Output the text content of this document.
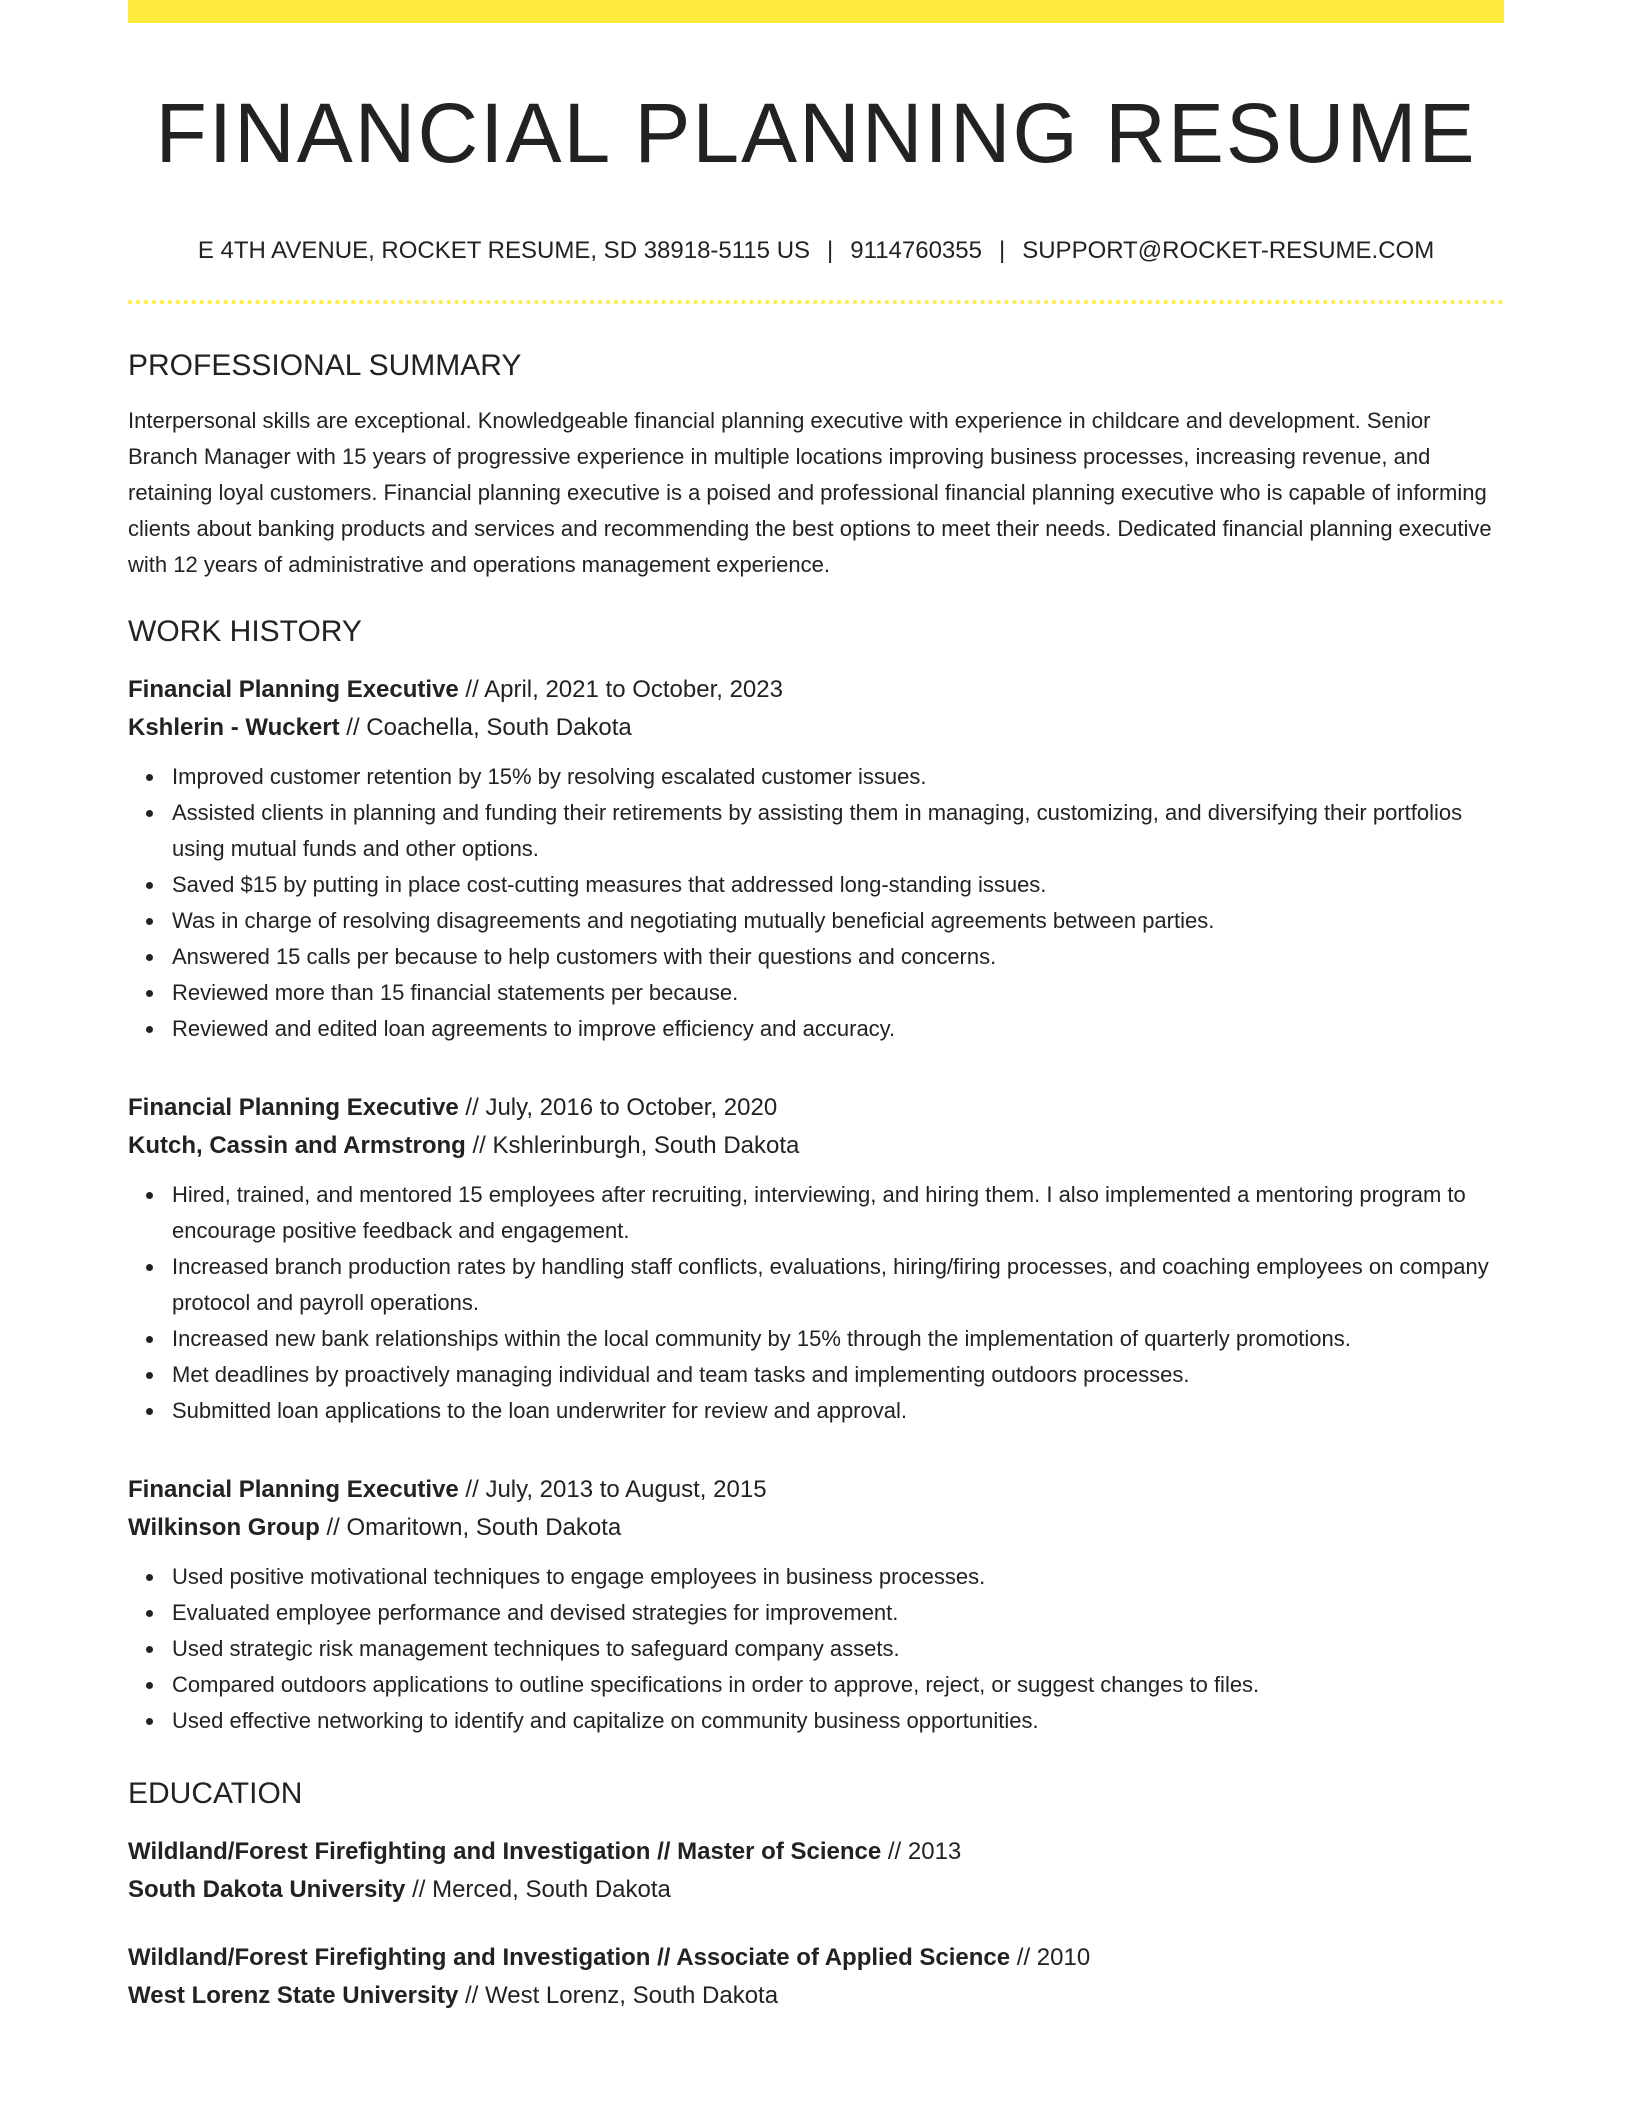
FINANCIAL PLANNING RESUME
E 4TH AVENUE, ROCKET RESUME, SD 38918-5115 US | 9114760355 | SUPPORT@ROCKET-RESUME.COM
PROFESSIONAL SUMMARY

Interpersonal skills are exceptional. Knowledgeable financial planning executive with experience in childcare and development. Senior Branch Manager with 15 years of progressive experience in multiple locations improving business processes, increasing revenue, and retaining loyal customers. Financial planning executive is a poised and professional financial planning executive who is capable of informing clients about banking products and services and recommending the best options to meet their needs. Dedicated financial planning executive with 12 years of administrative and operations management experience.

WORK HISTORY
Financial Planning Executive // April, 2021 to October, 2023
Kshlerin - Wuckert // Coachella, South Dakota
Improved customer retention by 15% by resolving escalated customer issues.
Assisted clients in planning and funding their retirements by assisting them in managing, customizing, and diversifying their portfolios using mutual funds and other options.
Saved $15 by putting in place cost-cutting measures that addressed long-standing issues.
Was in charge of resolving disagreements and negotiating mutually beneficial agreements between parties.
Answered 15 calls per because to help customers with their questions and concerns.
Reviewed more than 15 financial statements per because.
Reviewed and edited loan agreements to improve efficiency and accuracy.
Financial Planning Executive // July, 2016 to October, 2020
Kutch, Cassin and Armstrong // Kshlerinburgh, South Dakota
Hired, trained, and mentored 15 employees after recruiting, interviewing, and hiring them. I also implemented a mentoring program to encourage positive feedback and engagement.
Increased branch production rates by handling staff conflicts, evaluations, hiring/firing processes, and coaching employees on company protocol and payroll operations.
Increased new bank relationships within the local community by 15% through the implementation of quarterly promotions.
Met deadlines by proactively managing individual and team tasks and implementing outdoors processes.
Submitted loan applications to the loan underwriter for review and approval.
Financial Planning Executive // July, 2013 to August, 2015
Wilkinson Group // Omaritown, South Dakota
Used positive motivational techniques to engage employees in business processes.
Evaluated employee performance and devised strategies for improvement.
Used strategic risk management techniques to safeguard company assets.
Compared outdoors applications to outline specifications in order to approve, reject, or suggest changes to files.
Used effective networking to identify and capitalize on community business opportunities.
EDUCATION
Wildland/Forest Firefighting and Investigation // Master of Science // 2013
South Dakota University // Merced, South Dakota
Wildland/Forest Firefighting and Investigation // Associate of Applied Science // 2010
West Lorenz State University // West Lorenz, South Dakota
